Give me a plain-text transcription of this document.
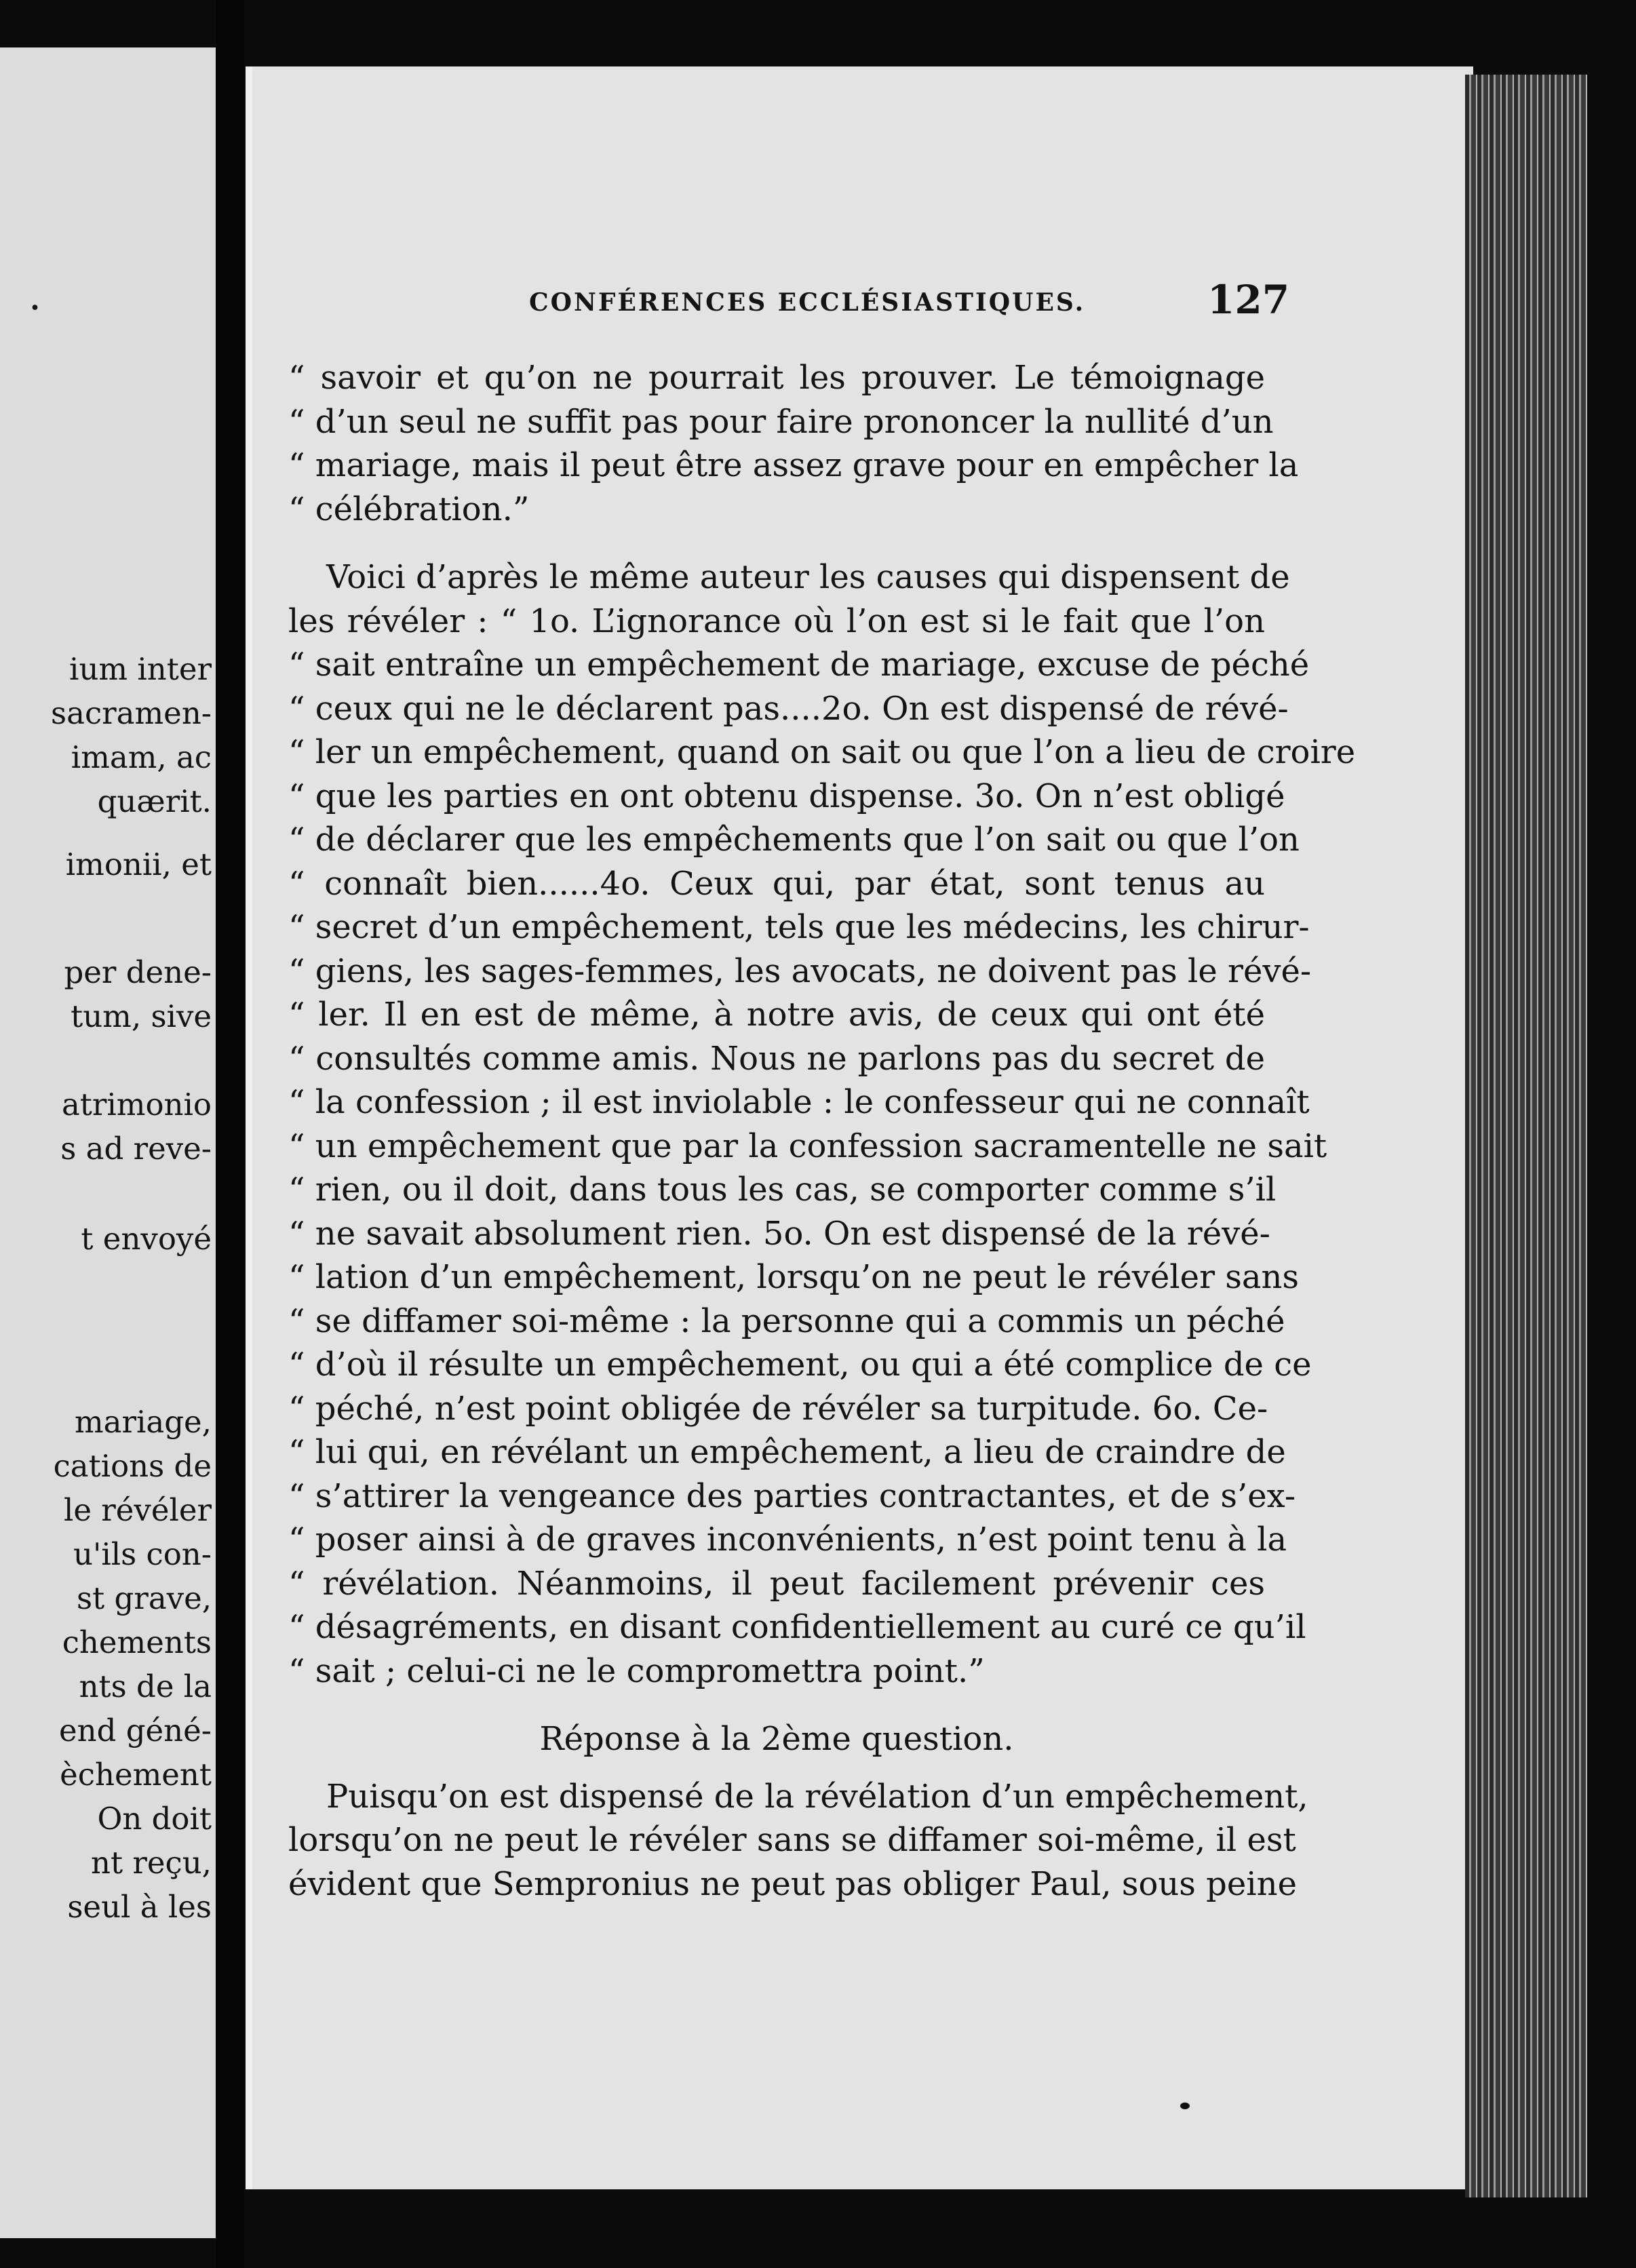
·
ium inter
sacramen-
imam, ac
quærit.
imonii, et
per dene-
tum, sive
atrimonio
s ad reve-
t envoyé
mariage,
cations de
le révéler
u'ils con-
st grave,
chements
nts de la
end géné-
èchement
On doit
nt reçu,
seul à les
CONFÉRENCES ECCLÉSIASTIQUES.	127
“ savoir et qu’on ne pourrait les prouver. Le témoignage
“ d’un seul ne suffit pas pour faire prononcer la nullité d’un
“ mariage, mais il peut être assez grave pour en empêcher la
“ célébration.”
Voici d’après le même auteur les causes qui dispensent de
les révéler : “ 1o. L’ignorance où l’on est si le fait que l’on
“ sait entraîne un empêchement de mariage, excuse de péché
“ ceux qui ne le déclarent pas....2o. On est dispensé de révé-
“ ler un empêchement, quand on sait ou que l’on a lieu de croire
“ que les parties en ont obtenu dispense. 3o. On n’est obligé
“ de déclarer que les empêchements que l’on sait ou que l’on
“ connaît bien......4o. Ceux qui, par état, sont tenus au
“ secret d’un empêchement, tels que les médecins, les chirur-
“ giens, les sages-femmes, les avocats, ne doivent pas le révé-
“ ler. Il en est de même, à notre avis, de ceux qui ont été
“ consultés comme amis. Nous ne parlons pas du secret de
“ la confession ; il est inviolable : le confesseur qui ne connaît
“ un empêchement que par la confession sacramentelle ne sait
“ rien, ou il doit, dans tous les cas, se comporter comme s’il
“ ne savait absolument rien. 5o. On est dispensé de la révé-
“ lation d’un empêchement, lorsqu’on ne peut le révéler sans
“ se diffamer soi-même : la personne qui a commis un péché
“ d’où il résulte un empêchement, ou qui a été complice de ce
“ péché, n’est point obligée de révéler sa turpitude. 6o. Ce-
“ lui qui, en révélant un empêchement, a lieu de craindre de
“ s’attirer la vengeance des parties contractantes, et de s’ex-
“ poser ainsi à de graves inconvénients, n’est point tenu à la
“ révélation. Néanmoins, il peut facilement prévenir ces
“ désagréments, en disant confidentiellement au curé ce qu’il
“ sait ; celui-ci ne le compromettra point.”
Réponse à la 2ème question.
Puisqu’on est dispensé de la révélation d’un empêchement,
lorsqu’on ne peut le révéler sans se diffamer soi-même, il est
évident que Sempronius ne peut pas obliger Paul, sous peine
